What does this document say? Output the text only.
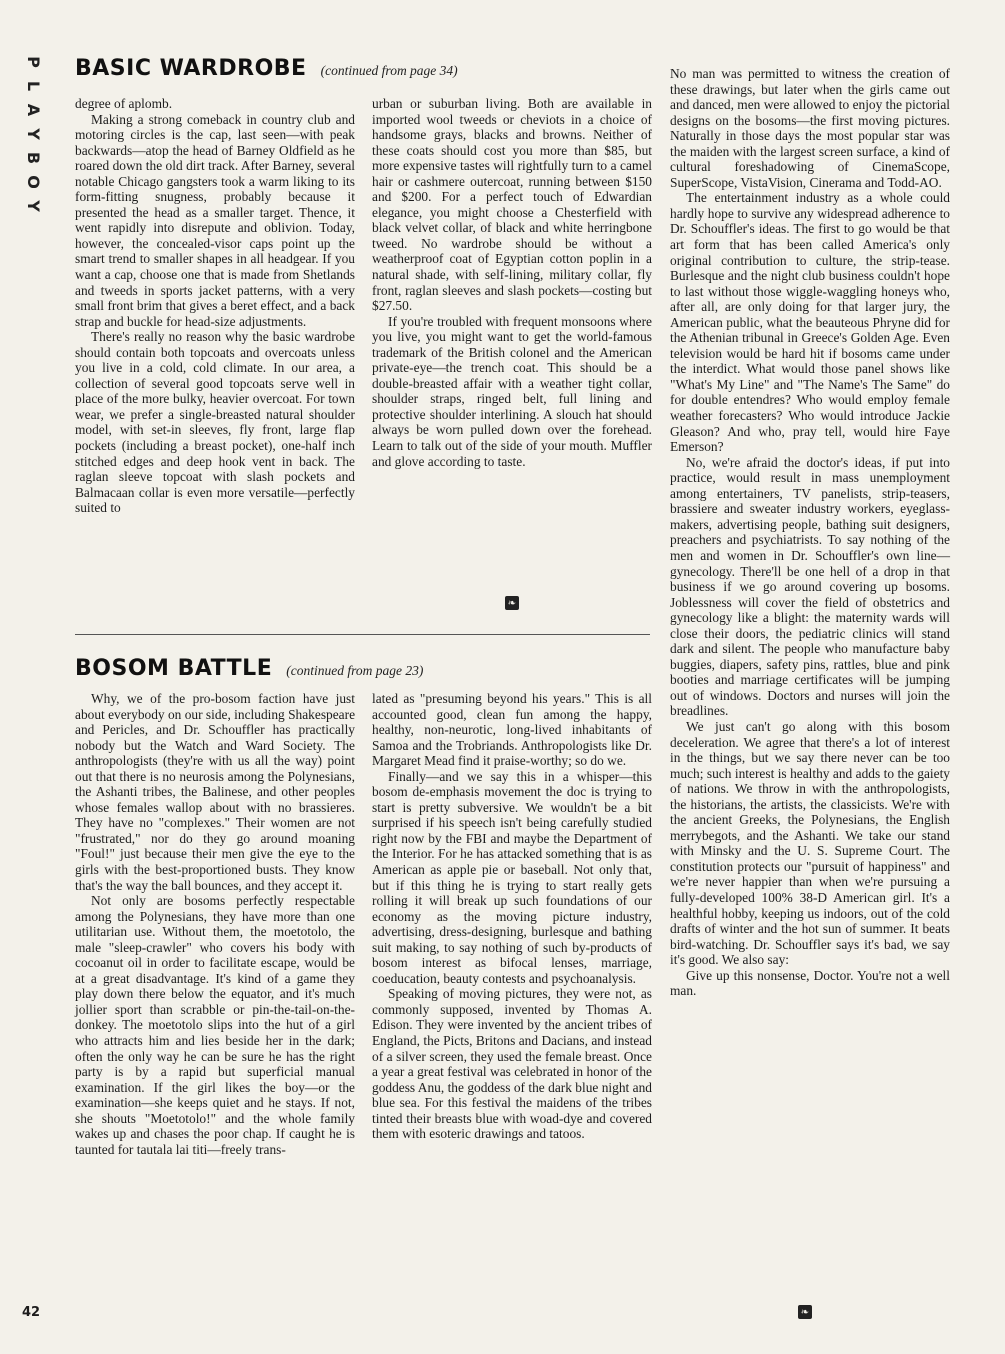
P
L
A
Y
B
O
Y
BASIC WARDROBE (continued from page 34)

degree of aplomb.

Making a strong comeback in country club and motoring circles is the cap, last seen—with peak backwards—atop the head of Barney Oldfield as he roared down the old dirt track. After Barney, several notable Chicago gangsters took a warm liking to its form-fitting snugness, probably because it presented the head as a smaller target. Thence, it went rapidly into disrepute and oblivion. Today, however, the concealed-visor caps point up the smart trend to smaller shapes in all headgear. If you want a cap, choose one that is made from Shetlands and tweeds in sports jacket patterns, with a very small front brim that gives a beret effect, and a back strap and buckle for head-size adjustments.

There's really no reason why the basic wardrobe should contain both topcoats and overcoats unless you live in a cold, cold climate. In our area, a collection of several good topcoats serve well in place of the more bulky, heavier overcoat. For town wear, we prefer a single-breasted natural shoulder model, with set-in sleeves, fly front, large flap pockets (including a breast pocket), one-half inch stitched edges and deep hook vent in back. The raglan sleeve topcoat with slash pockets and Balmacaan collar is even more versatile—perfectly suited to

urban or suburban living. Both are available in imported wool tweeds or cheviots in a choice of handsome grays, blacks and browns. Neither of these coats should cost you more than $85, but more expensive tastes will rightfully turn to a camel hair or cashmere outercoat, running between $150 and $200. For a perfect touch of Edwardian elegance, you might choose a Chesterfield with black velvet collar, of black and white herringbone tweed. No wardrobe should be without a weatherproof coat of Egyptian cotton poplin in a natural shade, with self-lining, military collar, fly front, raglan sleeves and slash pockets—costing but $27.50.

If you're troubled with frequent monsoons where you live, you might want to get the world-famous trademark of the British colonel and the American private-eye—the trench coat. This should be a double-breasted affair with a weather tight collar, shoulder straps, ringed belt, full lining and protective shoulder interlining. A slouch hat should always be worn pulled down over the forehead. Learn to talk out of the side of your mouth. Muffler and glove according to taste.

❧
BOSOM BATTLE (continued from page 23)

Why, we of the pro-bosom faction have just about everybody on our side, including Shakespeare and Pericles, and Dr. Schouffler has practically nobody but the Watch and Ward Society. The anthropologists (they're with us all the way) point out that there is no neurosis among the Polynesians, the Ashanti tribes, the Balinese, and other peoples whose females wallop about with no brassieres. They have no "complexes." Their women are not "frustrated," nor do they go around moaning "Foul!" just because their men give the eye to the girls with the best-proportioned busts. They know that's the way the ball bounces, and they accept it.

Not only are bosoms perfectly respectable among the Polynesians, they have more than one utilitarian use. Without them, the moetotolo, the male "sleep-crawler" who covers his body with cocoanut oil in order to facilitate escape, would be at a great disadvantage. It's kind of a game they play down there below the equator, and it's much jollier sport than scrabble or pin-the-tail-on-the-donkey. The moetotolo slips into the hut of a girl who attracts him and lies beside her in the dark; often the only way he can be sure he has the right party is by a rapid but superficial manual examination. If the girl likes the boy—or the examination—she keeps quiet and he stays. If not, she shouts "Moetotolo!" and the whole family wakes up and chases the poor chap. If caught he is taunted for tautala lai titi—freely trans-

lated as "presuming beyond his years." This is all accounted good, clean fun among the happy, healthy, non-neurotic, long-lived inhabitants of Samoa and the Trobriands. Anthropologists like Dr. Margaret Mead find it praise-worthy; so do we.

Finally—and we say this in a whisper—this bosom de-emphasis movement the doc is trying to start is pretty subversive. We wouldn't be a bit surprised if his speech isn't being carefully studied right now by the FBI and maybe the Department of the Interior. For he has attacked something that is as American as apple pie or baseball. Not only that, but if this thing he is trying to start really gets rolling it will break up such foundations of our economy as the moving picture industry, advertising, dress-designing, burlesque and bathing suit making, to say nothing of such by-products of bosom interest as bifocal lenses, marriage, coeducation, beauty contests and psychoanalysis.

Speaking of moving pictures, they were not, as commonly supposed, invented by Thomas A. Edison. They were invented by the ancient tribes of England, the Picts, Britons and Dacians, and instead of a silver screen, they used the female breast. Once a year a great festival was celebrated in honor of the goddess Anu, the goddess of the dark blue night and blue sea. For this festival the maidens of the tribes tinted their breasts blue with woad-dye and covered them with esoteric drawings and tatoos.

No man was permitted to witness the creation of these drawings, but later when the girls came out and danced, men were allowed to enjoy the pictorial designs on the bosoms—the first moving pictures. Naturally in those days the most popular star was the maiden with the largest screen surface, a kind of cultural foreshadowing of CinemaScope, SuperScope, VistaVision, Cinerama and Todd-AO.

The entertainment industry as a whole could hardly hope to survive any widespread adherence to Dr. Schouffler's ideas. The first to go would be that art form that has been called America's only original contribution to culture, the strip-tease. Burlesque and the night club business couldn't hope to last without those wiggle-waggling honeys who, after all, are only doing for that larger jury, the American public, what the beauteous Phryne did for the Athenian tribunal in Greece's Golden Age. Even television would be hard hit if bosoms came under the interdict. What would those panel shows like "What's My Line" and "The Name's The Same" do for double entendres? Who would employ female weather forecasters? Who would introduce Jackie Gleason? And who, pray tell, would hire Faye Emerson?

No, we're afraid the doctor's ideas, if put into practice, would result in mass unemployment among entertainers, TV panelists, strip-teasers, brassiere and sweater industry workers, eyeglass-makers, advertising people, bathing suit designers, preachers and psychiatrists. To say nothing of the men and women in Dr. Schouffler's own line—gynecology. There'll be one hell of a drop in that business if we go around covering up bosoms. Joblessness will cover the field of obstetrics and gynecology like a blight: the maternity wards will close their doors, the pediatric clinics will stand dark and silent. The people who manufacture baby buggies, diapers, safety pins, rattles, blue and pink booties and marriage certificates will be jumping out of windows. Doctors and nurses will join the breadlines.

We just can't go along with this bosom deceleration. We agree that there's a lot of interest in the things, but we say there never can be too much; such interest is healthy and adds to the gaiety of nations. We throw in with the anthropologists, the historians, the artists, the classicists. We're with the ancient Greeks, the Polynesians, the English merrybegots, and the Ashanti. We take our stand with Minsky and the U. S. Supreme Court. The constitution protects our "pursuit of happiness" and we're never happier than when we're pursuing a fully-developed 100% 38-D American girl. It's a healthful hobby, keeping us indoors, out of the cold drafts of winter and the hot sun of summer. It beats bird-watching. Dr. Schouffler says it's bad, we say it's good. We also say:

Give up this nonsense, Doctor. You're not a well man.

❧
42
